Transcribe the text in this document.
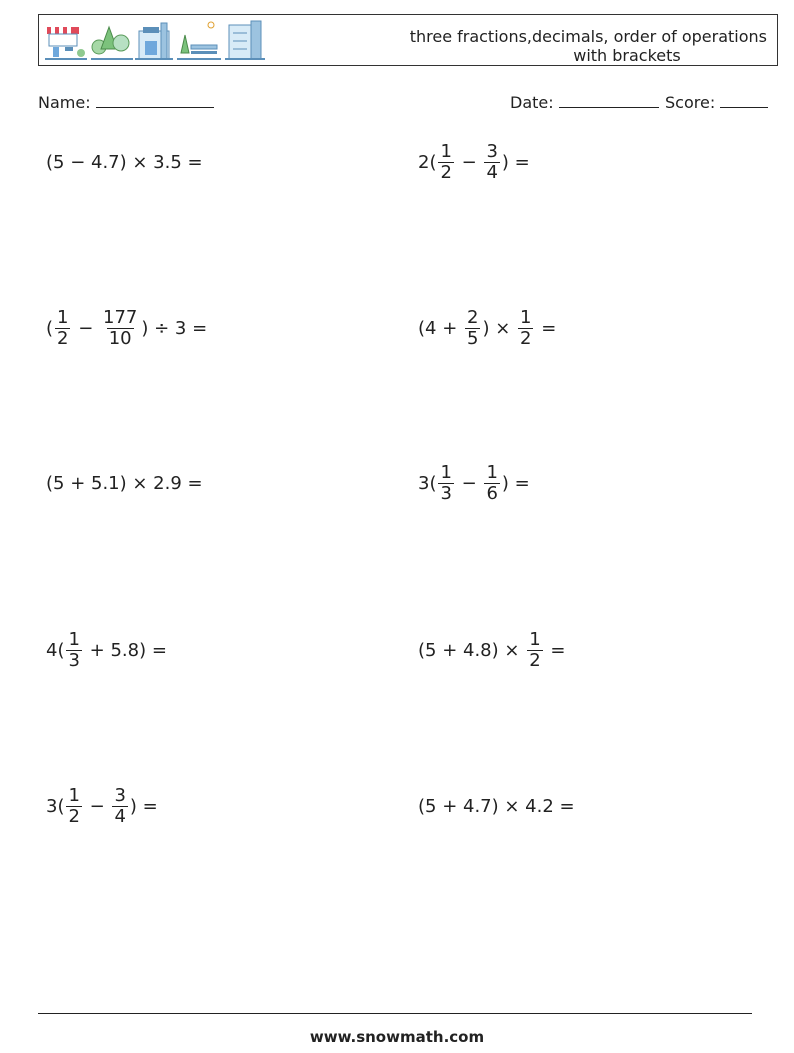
three fractions,decimals, order of operations
with brackets
Name:	Date:	Score:
(5 − 4.7) × 3.5 =	$2( \frac{1}{2} - \frac{3}{4}$ ) =
( $\frac{1}{2} - \frac{177}{10}$ ) ÷ 3 =	($4 + \frac{2}{5}$ ) × $\frac{1}{2}$ =
(5 + 5.1) × 2.9 =	$3( \frac{1}{3} - \frac{1}{6}$ ) =
$4( \frac{1}{3} + 5.8)$ =	$(5 + 4.8) \times \frac{1}{2}$ =
$3( \frac{1}{2} - \frac{3}{4}$ ) =	(5 + 4.7) × 4.2 =
www.snowmath.com
